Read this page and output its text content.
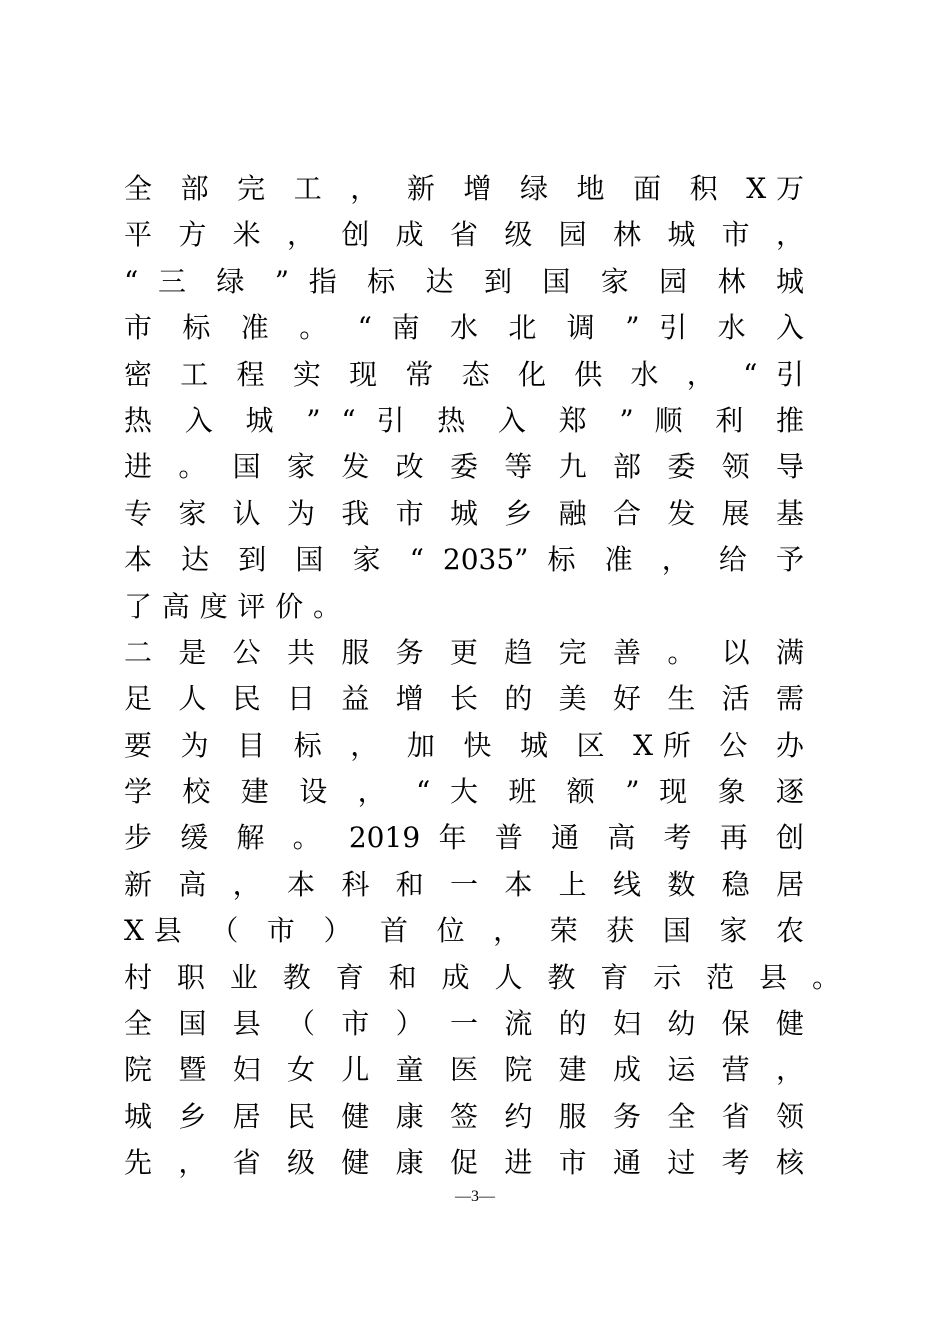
全 部 完 工 ， 新 增 绿 地 面 积 X万
平 方 米 ， 创 成 省 级 园 林 城 市 ，
“ 三 绿 ” 指 标 达 到 国 家 园 林 城
市 标 准 。 “ 南 水 北 调 ” 引 水 入
密 工 程 实 现 常 态 化 供 水 ， “ 引
热 入 城 ” “ 引 热 入 郑 ” 顺 利 推
进 。 国 家 发 改 委 等 九 部 委 领 导
专 家 认 为 我 市 城 乡 融 合 发 展 基
本 达 到 国 家 “ 2035” 标 准 ， 给 予
了高度评价。
二 是 公 共 服 务 更 趋 完 善 。 以 满
足 人 民 日 益 增 长 的 美 好 生 活 需
要 为 目 标 ， 加 快 城 区 X所 公 办
学 校 建 设 ， “ 大 班 额 ” 现 象 逐
步 缓 解 。 2019 年 普 通 高 考 再 创
新 高 ， 本 科 和 一 本 上 线 数 稳 居
X县 （ 市 ） 首 位 ， 荣 获 国 家 农
村 职 业 教 育 和 成 人 教 育 示 范 县 。
全 国 县 （ 市 ） 一 流 的 妇 幼 保 健
院 暨 妇 女 儿 童 医 院 建 成 运 营 ，
城 乡 居 民 健 康 签 约 服 务 全 省 领
先 ， 省 级 健 康 促 进 市 通 过 考 核
—3—
